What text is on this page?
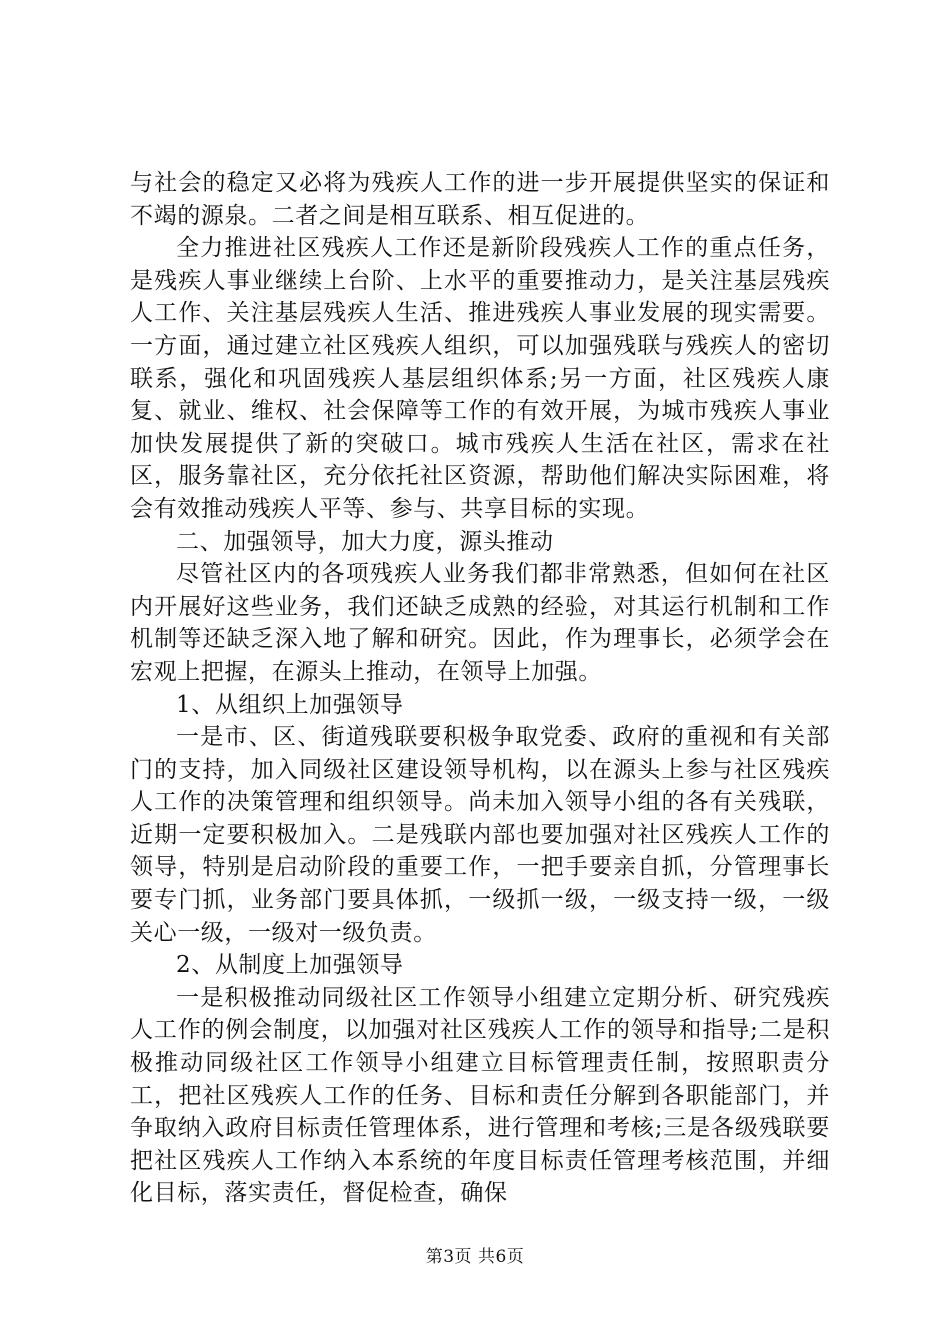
与社会的稳定又必将为残疾人工作的进一步开展提供坚实的保证和不竭的源泉。二者之间是相互联系、相互促进的。

全力推进社区残疾人工作还是新阶段残疾人工作的重点任务，是残疾人事业继续上台阶、上水平的重要推动力，是关注基层残疾人工作、关注基层残疾人生活、推进残疾人事业发展的现实需要。一方面，通过建立社区残疾人组织，可以加强残联与残疾人的密切联系，强化和巩固残疾人基层组织体系;另一方面，社区残疾人康复、就业、维权、社会保障等工作的有效开展，为城市残疾人事业加快发展提供了新的突破口。城市残疾人生活在社区，需求在社区，服务靠社区，充分依托社区资源，帮助他们解决实际困难，将会有效推动残疾人平等、参与、共享目标的实现。

二、加强领导，加大力度，源头推动

尽管社区内的各项残疾人业务我们都非常熟悉，但如何在社区内开展好这些业务，我们还缺乏成熟的经验，对其运行机制和工作机制等还缺乏深入地了解和研究。因此，作为理事长，必须学会在宏观上把握，在源头上推动，在领导上加强。

1、从组织上加强领导

一是市、区、街道残联要积极争取党委、政府的重视和有关部门的支持，加入同级社区建设领导机构，以在源头上参与社区残疾人工作的决策管理和组织领导。尚未加入领导小组的各有关残联，近期一定要积极加入。二是残联内部也要加强对社区残疾人工作的领导，特别是启动阶段的重要工作，一把手要亲自抓，分管理事长要专门抓，业务部门要具体抓，一级抓一级，一级支持一级，一级关心一级，一级对一级负责。

2、从制度上加强领导

一是积极推动同级社区工作领导小组建立定期分析、研究残疾人工作的例会制度，以加强对社区残疾人工作的领导和指导;二是积极推动同级社区工作领导小组建立目标管理责任制，按照职责分工，把社区残疾人工作的任务、目标和责任分解到各职能部门，并争取纳入政府目标责任管理体系，进行管理和考核;三是各级残联要把社区残疾人工作纳入本系统的年度目标责任管理考核范围，并细化目标，落实责任，督促检查，确保

第3页 共6页
